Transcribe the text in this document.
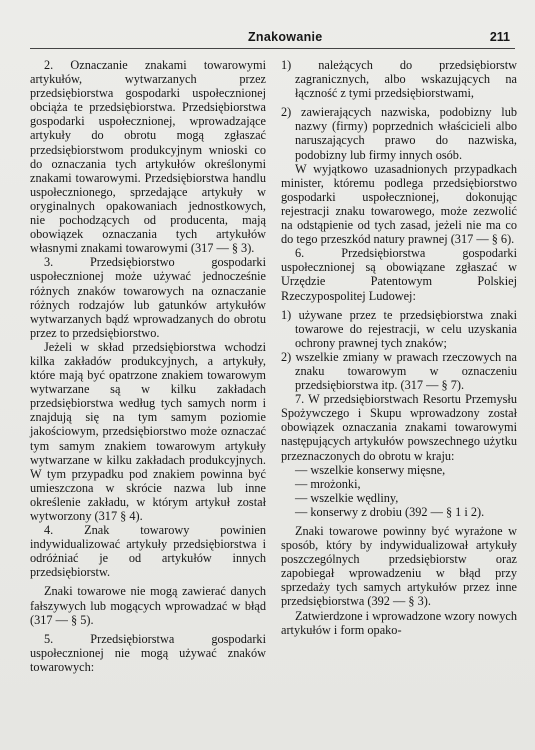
Znakowanie	211

2. Oznaczanie znakami towarowymi artykułów, wytwarzanych przez przedsiębiorstwa gospodarki uspołecznionej obciąża te przedsiębiorstwa. Przedsiębiorstwa gospodarki uspołecznionej, wprowadzające artykuły do obrotu mogą zgłaszać przedsiębiorstwom produkcyjnym wnioski co do oznaczania tych artykułów określonymi znakami towarowymi. Przedsiębiorstwa handlu uspołecznionego, sprzedające artykuły w oryginalnych opakowaniach jednostkowych, nie pochodzących od producenta, mają obowiązek oznaczania tych artykułów własnymi znakami towarowymi (317 — § 3).

3. Przedsiębiorstwo gospodarki uspołecznionej może używać jednocześnie różnych znaków towarowych na oznaczanie różnych rodzajów lub gatunków artykułów wytwarzanych bądź wprowadzanych do obrotu przez to przedsiębiorstwo.

Jeżeli w skład przedsiębiorstwa wchodzi kilka zakładów produkcyjnych, a artykuły, które mają być opatrzone znakiem towarowym wytwarzane są w kilku zakładach przedsiębiorstwa według tych samych norm i znajdują się na tym samym poziomie jakościowym, przedsiębiorstwo może oznaczać tym samym znakiem towarowym artykuły wytwarzane w kilku zakładach produkcyjnych. W tym przypadku pod znakiem powinna być umieszczona w skrócie nazwa lub inne określenie zakładu, w którym artykuł został wytworzony (317 § 4).

4. Znak towarowy powinien indywidualizować artykuły przedsiębiorstwa i odróżniać je od artykułów innych przedsiębiorstw.

Znaki towarowe nie mogą zawierać danych fałszywych lub mogących wprowadzać w błąd (317 — § 5).

5. Przedsiębiorstwa gospodarki uspołecznionej nie mogą używać znaków towarowych:

1) należących do przedsiębiorstw zagranicznych, albo wskazujących na łączność z tymi przedsiębiorstwami,

2) zawierających nazwiska, podobizny lub nazwy (firmy) poprzednich właścicieli albo naruszających prawo do nazwiska, podobizny lub firmy innych osób.

W wyjątkowo uzasadnionych przypadkach minister, któremu podlega przedsiębiorstwo gospodarki uspołecznionej, dokonując rejestracji znaku towarowego, może zezwolić na odstąpienie od tych zasad, jeżeli nie ma co do tego przeszkód natury prawnej (317 — § 6).

6. Przedsiębiorstwa gospodarki uspołecznionej są obowiązane zgłaszać w Urzędzie Patentowym Polskiej Rzeczypospolitej Ludowej:

1) używane przez te przedsiębiorstwa znaki towarowe do rejestracji, w celu uzyskania ochrony prawnej tych znaków;

2) wszelkie zmiany w prawach rzeczowych na znaku towarowym w oznaczeniu przedsiębiorstwa itp. (317 — § 7).

7. W przedsiębiorstwach Resortu Przemysłu Spożywczego i Skupu wprowadzony został obowiązek oznaczania znakami towarowymi następujących artykułów powszechnego użytku przeznaczonych do obrotu w kraju:

— wszelkie konserwy mięsne,

— mrożonki,

— wszelkie wędliny,

— konserwy z drobiu (392 — § 1 i 2).

Znaki towarowe powinny być wyrażone w sposób, który by indywidualizował artykuły poszczególnych przedsiębiorstw oraz zapobiegał wprowadzeniu w błąd przy sprzedaży tych samych artykułów przez inne przedsiębiorstwa (392 — § 3).

Zatwierdzone i wprowadzone wzory nowych artykułów i form opako-
